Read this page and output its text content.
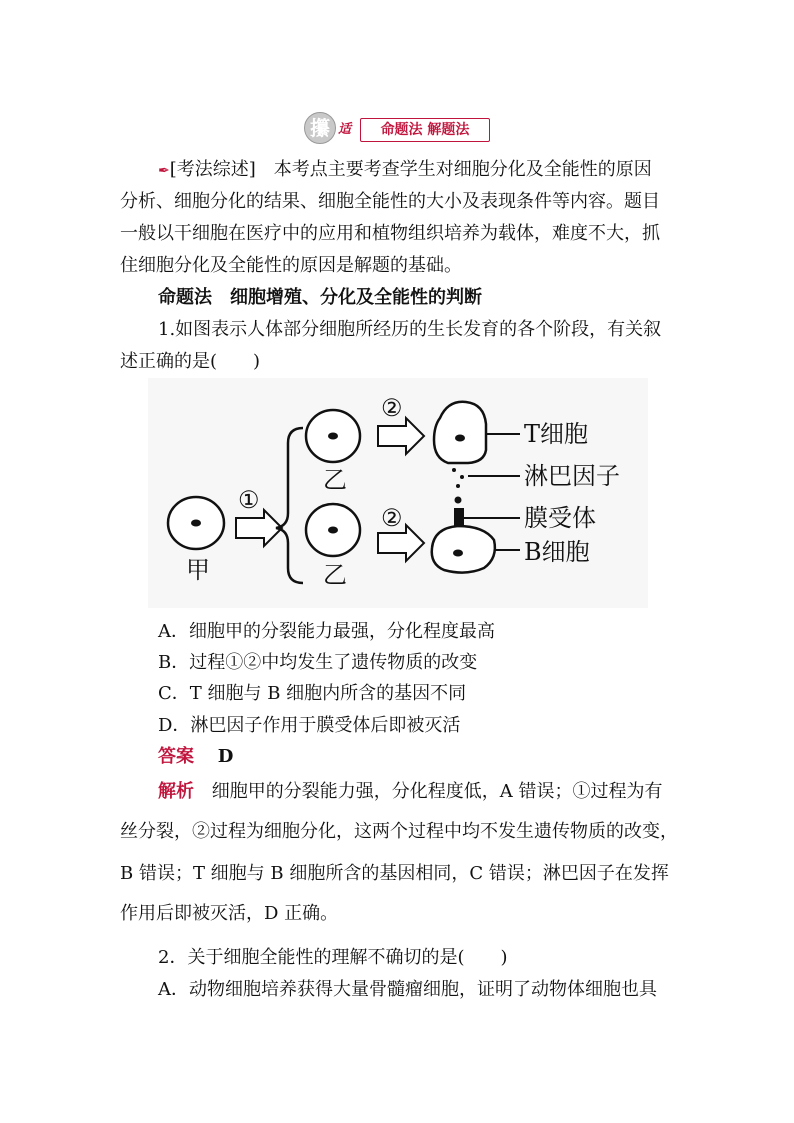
攥 适	命题法 解题法
✒[考法综述]　本考点主要考查学生对细胞分化及全能性的原因
分析、细胞分化的结果、细胞全能性的大小及表现条件等内容。题目
一般以干细胞在医疗中的应用和植物组织培养为载体，难度不大，抓
住细胞分化及全能性的原因是解题的基础。
命题法　细胞增殖、分化及全能性的判断
1.如图表示人体部分细胞所经历的生长发育的各个阶段，有关叙
述正确的是(　　)
甲
①
乙
乙
②
②
T细胞
淋巴因子
膜受体
B细胞
A．细胞甲的分裂能力最强，分化程度最高
B．过程①②中均发生了遗传物质的改变
C．T 细胞与 B 细胞内所含的基因不同
D．淋巴因子作用于膜受体后即被灭活
答案 D
解析 细胞甲的分裂能力强，分化程度低，A 错误；①过程为有
丝分裂，②过程为细胞分化，这两个过程中均不发生遗传物质的改变，
B 错误；T 细胞与 B 细胞所含的基因相同，C 错误；淋巴因子在发挥
作用后即被灭活，D 正确。
2．关于细胞全能性的理解不确切的是(　　)
A．动物细胞培养获得大量骨髓瘤细胞，证明了动物体细胞也具
